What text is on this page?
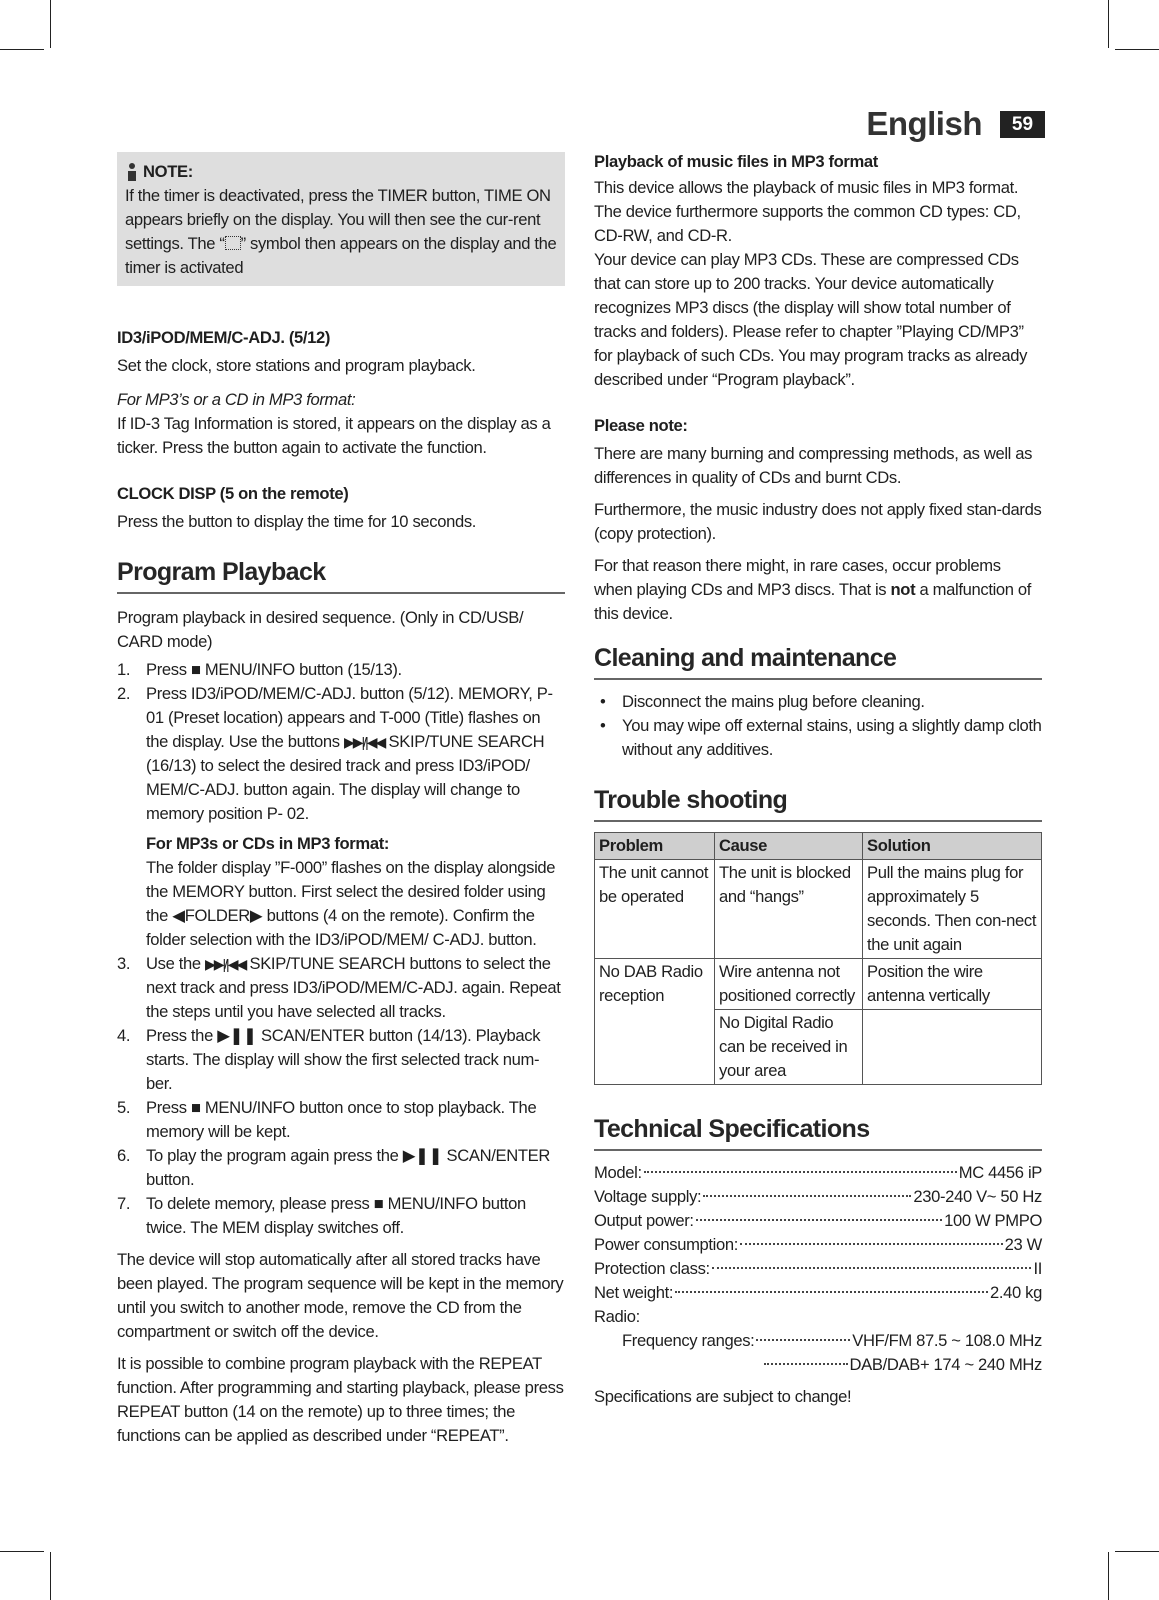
English	59
NOTE:

If the timer is deactivated, press the TIMER button, TIME ON appears briefly on the display. You will then see the cur-rent settings. The “ ” symbol then appears on the display and the timer is activated

ID3/iPOD/MEM/C-ADJ. (5/12)

Set the clock, store stations and program playback.

For MP3’s or a CD in MP3 format:

If ID-3 Tag Information is stored, it appears on the display as a ticker. Press the button again to activate the function.

CLOCK DISP (5 on the remote)

Press the button to display the time for 10 seconds.

Program Playback

Program playback in desired sequence. (Only in CD/USB/ CARD mode)

1. Press ■ MENU/INFO button (15/13).
2. Press ID3/iPOD/MEM/C-ADJ. button (5/12). MEMORY, P-01 (Preset location) appears and T-000 (Title) flashes on the display. Use the buttons ▶▶|/|◀◀ SKIP/TUNE SEARCH (16/13) to select the desired track and press ID3/iPOD/ MEM/C-ADJ. button again. The display will change to memory position P- 02.

For MP3s or CDs in MP3 format:

The folder display ”F-000” flashes on the display alongside the MEMORY button. First select the desired folder using the ◀FOLDER▶ buttons (4 on the remote). Confirm the folder selection with the ID3/iPOD/MEM/ C-ADJ. button.

3. Use the ▶▶|/|◀◀ SKIP/TUNE SEARCH buttons to select the next track and press ID3/iPOD/MEM/C-ADJ. again. Repeat the steps until you have selected all tracks.
4. Press the ▶❚❚ SCAN/ENTER button (14/13). Playback starts. The display will show the first selected track num-ber.
5. Press ■ MENU/INFO button once to stop playback. The memory will be kept.
6. To play the program again press the ▶❚❚ SCAN/ENTER button.
7. To delete memory, please press ■ MENU/INFO button twice. The MEM display switches off.

The device will stop automatically after all stored tracks have been played. The program sequence will be kept in the memory until you switch to another mode, remove the CD from the compartment or switch off the device.

It is possible to combine program playback with the REPEAT function. After programming and starting playback, please press REPEAT button (14 on the remote) up to three times; the functions can be applied as described under “REPEAT”.

Playback of music files in MP3 format

This device allows the playback of music files in MP3 format. The device furthermore supports the common CD types: CD, CD-RW, and CD-R.

Your device can play MP3 CDs. These are compressed CDs that can store up to 200 tracks. Your device automatically recognizes MP3 discs (the display will show total number of tracks and folders). Please refer to chapter ”Playing CD/MP3” for playback of such CDs. You may program tracks as already described under “Program playback”.

Please note:

There are many burning and compressing methods, as well as differences in quality of CDs and burnt CDs.

Furthermore, the music industry does not apply fixed stan-dards (copy protection).

For that reason there might, in rare cases, occur problems when playing CDs and MP3 discs. That is not a malfunction of this device.

Cleaning and maintenance
• Disconnect the mains plug before cleaning.
• You may wipe off external stains, using a slightly damp cloth without any additives.
Trouble shooting
Problem	Cause	Solution
The unit cannot be operated	The unit is blocked and “hangs”	Pull the mains plug for approximately 5 seconds. Then con-nect the unit again
No DAB Radio reception	Wire antenna not positioned correctly	Position the wire antenna vertically
	No Digital Radio can be received in your area	
Technical Specifications
Model:	MC 4456 iP
Voltage supply:	230-240 V~ 50 Hz
Output power:	100 W PMPO
Power consumption:	23 W
Protection class:	II
Net weight:	2.40 kg

Radio:

Frequency ranges:	VHF/FM 87.5 ~ 108.0 MHz
DAB/DAB+ 174 ~ 240 MHz

Specifications are subject to change!
